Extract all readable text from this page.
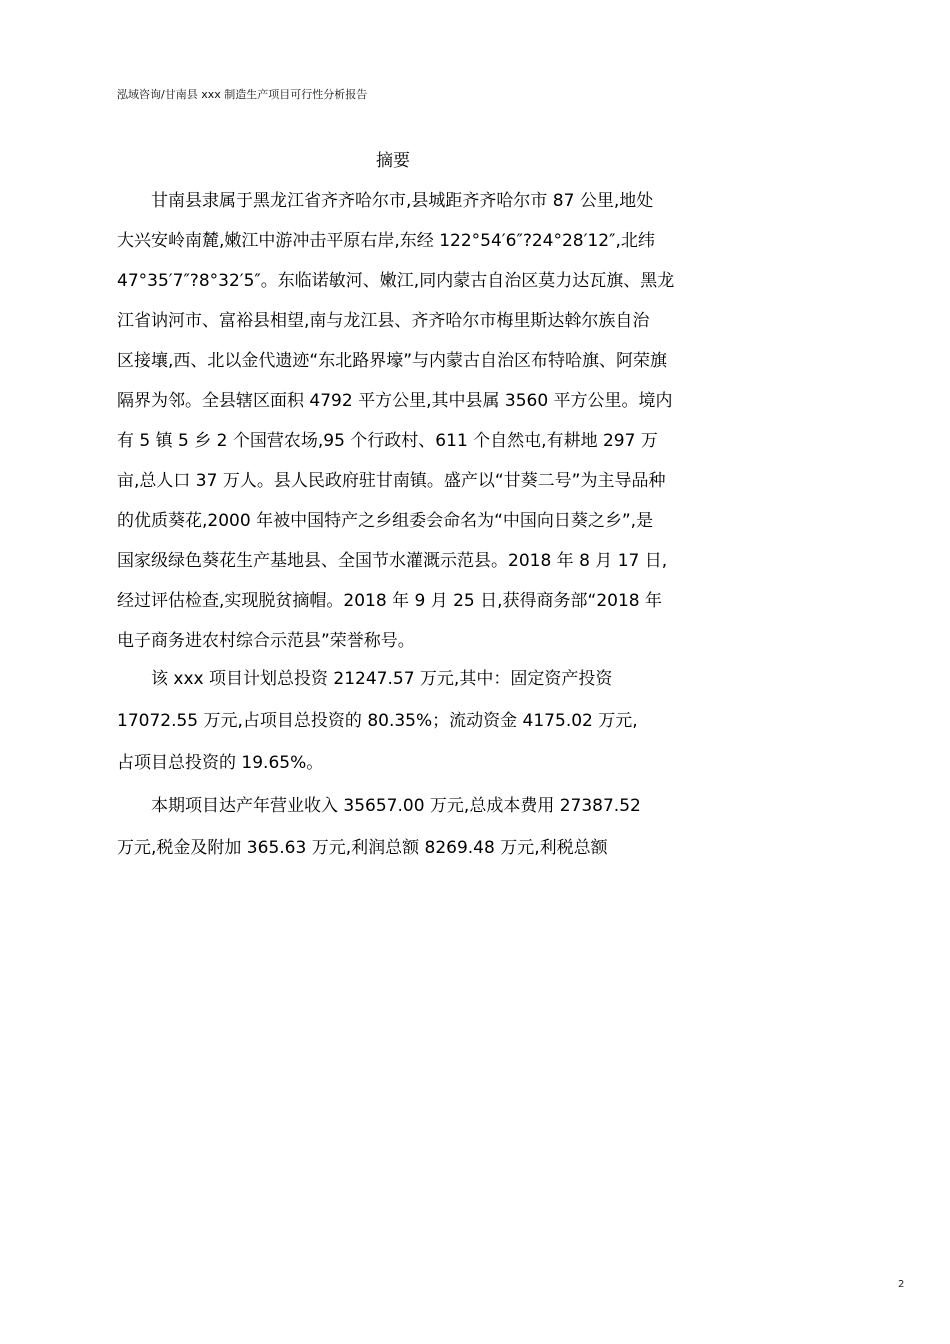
泓域咨询/甘南县 xxx 制造生产项目可行性分析报告
摘要
甘南县隶属于黑龙江省齐齐哈尔市,县城距齐齐哈尔市 87 公里,地处
大兴安岭南麓,嫩江中游冲击平原右岸,东经 122°54′6″?24°28′12″,北纬
47°35′7″?8°32′5″。东临诺敏河、嫩江,同内蒙古自治区莫力达瓦旗、黑龙
江省讷河市、富裕县相望,南与龙江县、齐齐哈尔市梅里斯达斡尔族自治
区接壤,西、北以金代遗迹“东北路界壕”与内蒙古自治区布特哈旗、阿荣旗
隔界为邻。全县辖区面积 4792 平方公里,其中县属 3560 平方公里。境内
有 5 镇 5 乡 2 个国营农场,95 个行政村、611 个自然屯,有耕地 297 万
亩,总人口 37 万人。县人民政府驻甘南镇。盛产以“甘葵二号”为主导品种
的优质葵花,2000 年被中国特产之乡组委会命名为“中国向日葵之乡”,是
国家级绿色葵花生产基地县、全国节水灌溉示范县。2018 年 8 月 17 日,
经过评估检查,实现脱贫摘帽。2018 年 9 月 25 日,获得商务部“2018 年
电子商务进农村综合示范县”荣誉称号。
该 xxx 项目计划总投资 21247.57 万元,其中：固定资产投资
17072.55 万元,占项目总投资的 80.35%；流动资金 4175.02 万元,
占项目总投资的 19.65%。
本期项目达产年营业收入 35657.00 万元,总成本费用 27387.52
万元,税金及附加 365.63 万元,利润总额 8269.48 万元,利税总额
2
